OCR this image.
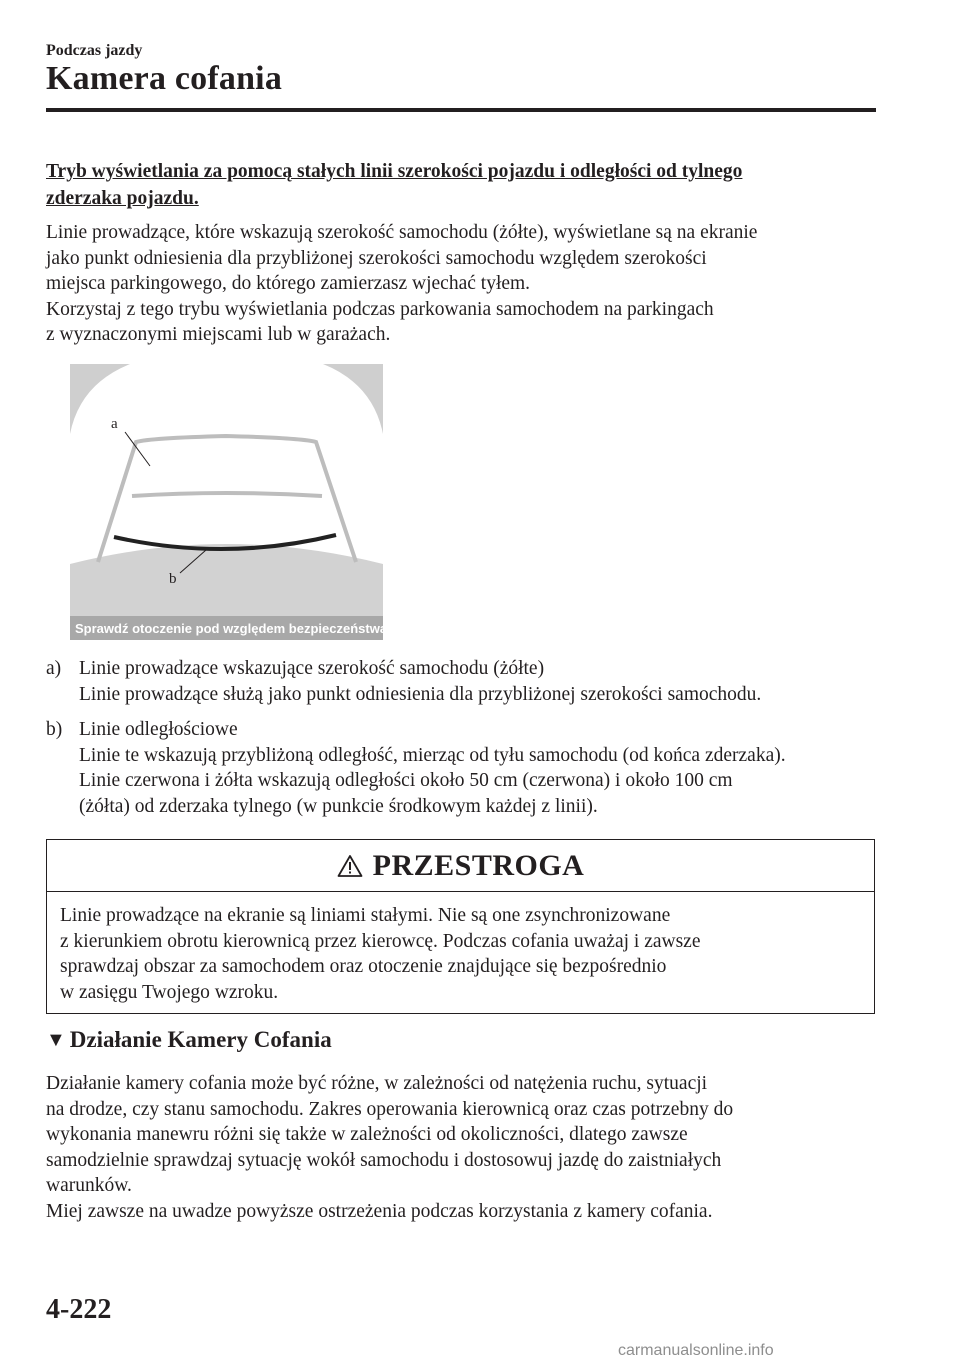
Podczas jazdy
Kamera cofania
Tryb wyświetlania za pomocą stałych linii szerokości pojazdu i odległości od tylnego
zderzaka pojazdu.
Linie prowadzące, które wskazują szerokość samochodu (żółte), wyświetlane są na ekranie
jako punkt odniesienia dla przybliżonej szerokości samochodu względem szerokości
miejsca parkingowego, do którego zamierzasz wjechać tyłem.
Korzystaj z tego trybu wyświetlania podczas parkowania samochodem na parkingach
z wyznaczonymi miejscami lub w garażach.
a
b
Sprawdź otoczenie pod względem bezpieczeństwa
a) Linie prowadzące wskazujące szerokość samochodu (żółte)
Linie prowadzące służą jako punkt odniesienia dla przybliżonej szerokości samochodu.
b) Linie odległościowe
Linie te wskazują przybliżoną odległość, mierząc od tyłu samochodu (od końca zderzaka).
Linie czerwona i żółta wskazują odległości około 50 cm (czerwona) i około 100 cm
(żółta) od zderzaka tylnego (w punkcie środkowym każdej z linii).
PRZESTROGA
Linie prowadzące na ekranie są liniami stałymi. Nie są one zsynchronizowane
z kierunkiem obrotu kierownicą przez kierowcę. Podczas cofania uważaj i zawsze
sprawdzaj obszar za samochodem oraz otoczenie znajdujące się bezpośrednio
w zasięgu Twojego wzroku.
▼ Działanie Kamery Cofania
Działanie kamery cofania może być różne, w zależności od natężenia ruchu, sytuacji
na drodze, czy stanu samochodu. Zakres operowania kierownicą oraz czas potrzebny do
wykonania manewru różni się także w zależności od okoliczności, dlatego zawsze
samodzielnie sprawdzaj sytuację wokół samochodu i dostosowuj jazdę do zaistniałych
warunków.
Miej zawsze na uwadze powyższe ostrzeżenia podczas korzystania z kamery cofania.
4-222
carmanualsonline.info
